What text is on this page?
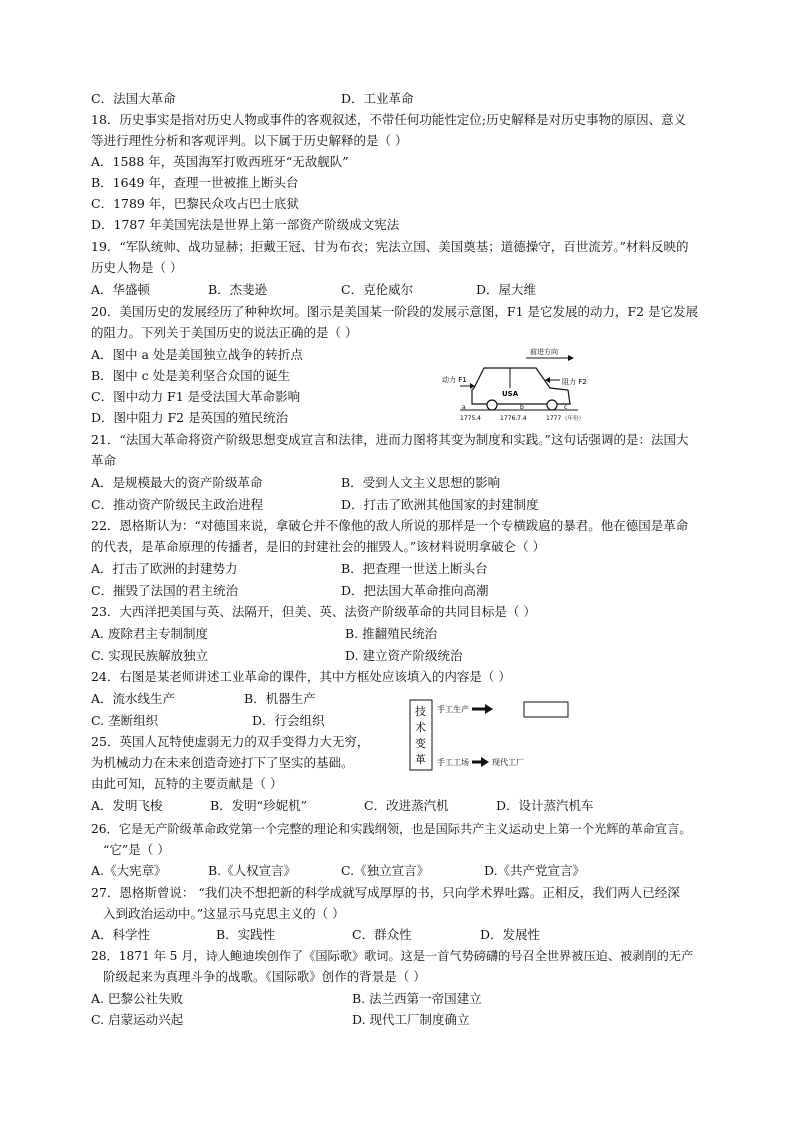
C．法国大革命	D．工业革命
18．历史事实是指对历史人物或事件的客观叙述，不带任何功能性定位;历史解释是对历史事物的原因、意义
等进行理性分析和客观评判。以下属于历史解释的是（ ）
A．1588 年，英国海军打败西班牙“无敌舰队”
B．1649 年，查理一世被推上断头台
C．1789 年，巴黎民众攻占巴士底狱
D．1787 年美国宪法是世界上第一部资产阶级成文宪法
19．“军队统帅、战功显赫；拒戴王冠、甘为布衣；宪法立国、美国奠基；道德操守，百世流芳。”材料反映的
历史人物是（ ）
A．华盛顿	B．杰斐逊	C．克伦威尔	D．屋大维
20．美国历史的发展经历了种种坎坷。图示是美国某一阶段的发展示意图，F1 是它发展的动力，F2 是它发展
的阻力。下列关于美国历史的说法正确的是（ ）
A．图中 a 处是美国独立战争的转折点
B．图中 c 处是美利坚合众国的诞生
C．图中动力 F1 是受法国大革命影响
D．图中阻力 F2 是英国的殖民统治
前进方向
USA
动力 F1	阻力 F2
a	b	c
1775.4	1776.7.4	1777 （年份）
21．“法国大革命将资产阶级思想变成宣言和法律，进而力图将其变为制度和实践。”这句话强调的是：法国大
革命
A．是规模最大的资产阶级革命	B．受到人文主义思想的影响
C．推动资产阶级民主政治进程	D．打击了欧洲其他国家的封建制度
22．恩格斯认为：“对德国来说，拿破仑并不像他的敌人所说的那样是一个专横跋扈的暴君。他在德国是革命
的代表，是革命原理的传播者，是旧的封建社会的摧毁人。”该材料说明拿破仑（ ）
A．打击了欧洲的封建势力	B．把查理一世送上断头台
C．摧毁了法国的君主统治	D．把法国大革命推向高潮
23．大西洋把美国与英、法隔开，但美、英、法资产阶级革命的共同目标是（ ）
A. 废除君主专制制度	B. 推翻殖民统治
C. 实现民族解放独立	D. 建立资产阶级统治
24．右图是某老师讲述工业革命的课件，其中方框处应该填入的内容是（ ）
A．流水线生产	B．机器生产
C. 垄断组织	D．行会组织
技
术
变
革
手工生产
手工工场	现代工厂
25．英国人瓦特使虚弱无力的双手变得力大无穷，
为机械动力在未来创造奇迹打下了坚实的基础。
由此可知，瓦特的主要贡献是（ ）
A．发明飞梭	B．发明“珍妮机”	C．改进蒸汽机	D．设计蒸汽机车
26．它是无产阶级革命政党第一个完整的理论和实践纲领，也是国际共产主义运动史上第一个光辉的革命宣言。
“它”是（ ）
A.《大宪章》	B.《人权宣言》	C.《独立宣言》	D.《共产党宣言》
27．恩格斯曾说： “我们决不想把新的科学成就写成厚厚的书，只向学术界吐露。正相反，我们两人已经深
入到政治运动中。”这显示马克思主义的（ ）
A．科学性	B．实践性	C．群众性	D．发展性
28．1871 年 5 月，诗人鲍迪埃创作了《国际歌》歌词。这是一首气势磅礴的号召全世界被压迫、被剥削的无产
阶级起来为真理斗争的战歌。《国际歌》创作的背景是（ ）
A. 巴黎公社失败	B. 法兰西第一帝国建立
C. 启蒙运动兴起	D. 现代工厂制度确立
